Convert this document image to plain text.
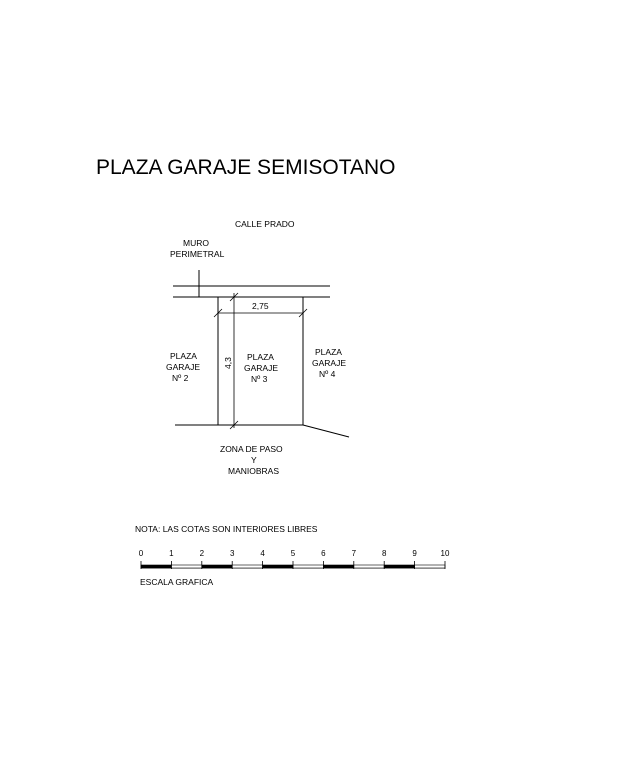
PLAZA GARAJE SEMISOTANO
CALLE PRADO
MURO
PERIMETRAL
2,75
4,3
PLAZA
GARAJE
Nº 2
PLAZA
GARAJE
Nº 3
PLAZA
GARAJE
Nº 4
ZONA DE PASO
Y
MANIOBRAS
NOTA: LAS COTAS SON INTERIORES LIBRES
0	1	2	3	4	5	6	7	8	9	10
ESCALA GRAFICA
